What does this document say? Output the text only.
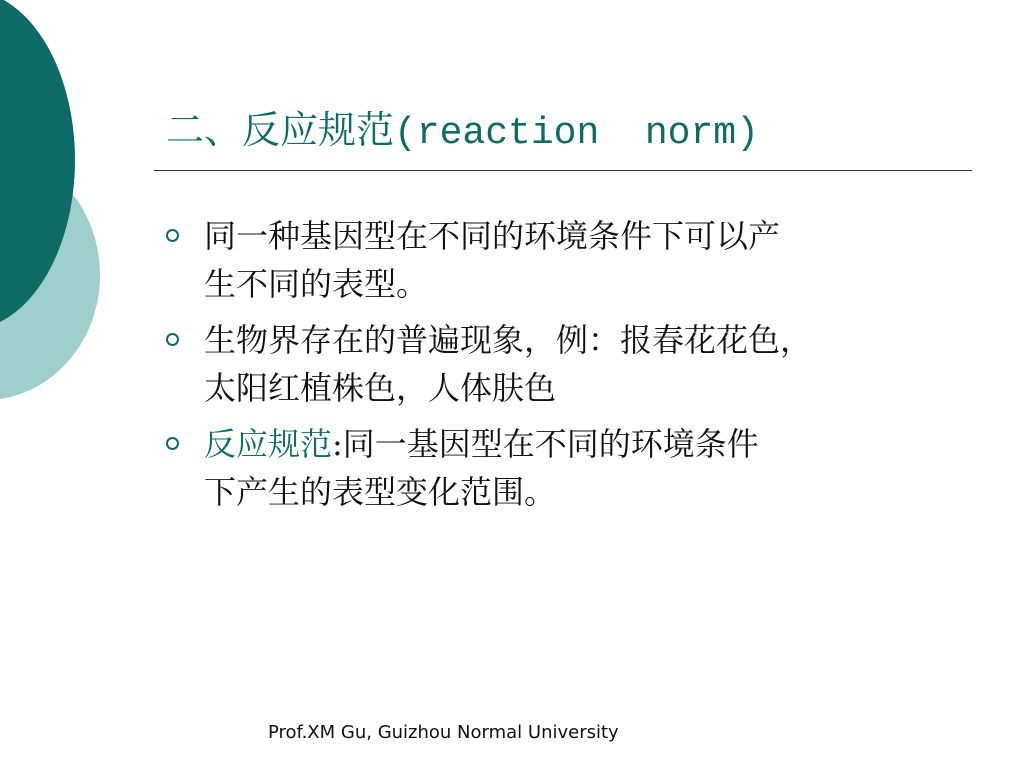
二、反应规范(reaction  norm)
同一种基因型在不同的环境条件下可以产
生不同的表型。
生物界存在的普遍现象，例：报春花花色，
太阳红植株色，人体肤色
反应规范:同一基因型在不同的环境条件
下产生的表型变化范围。
Prof.XM Gu, Guizhou Normal University
